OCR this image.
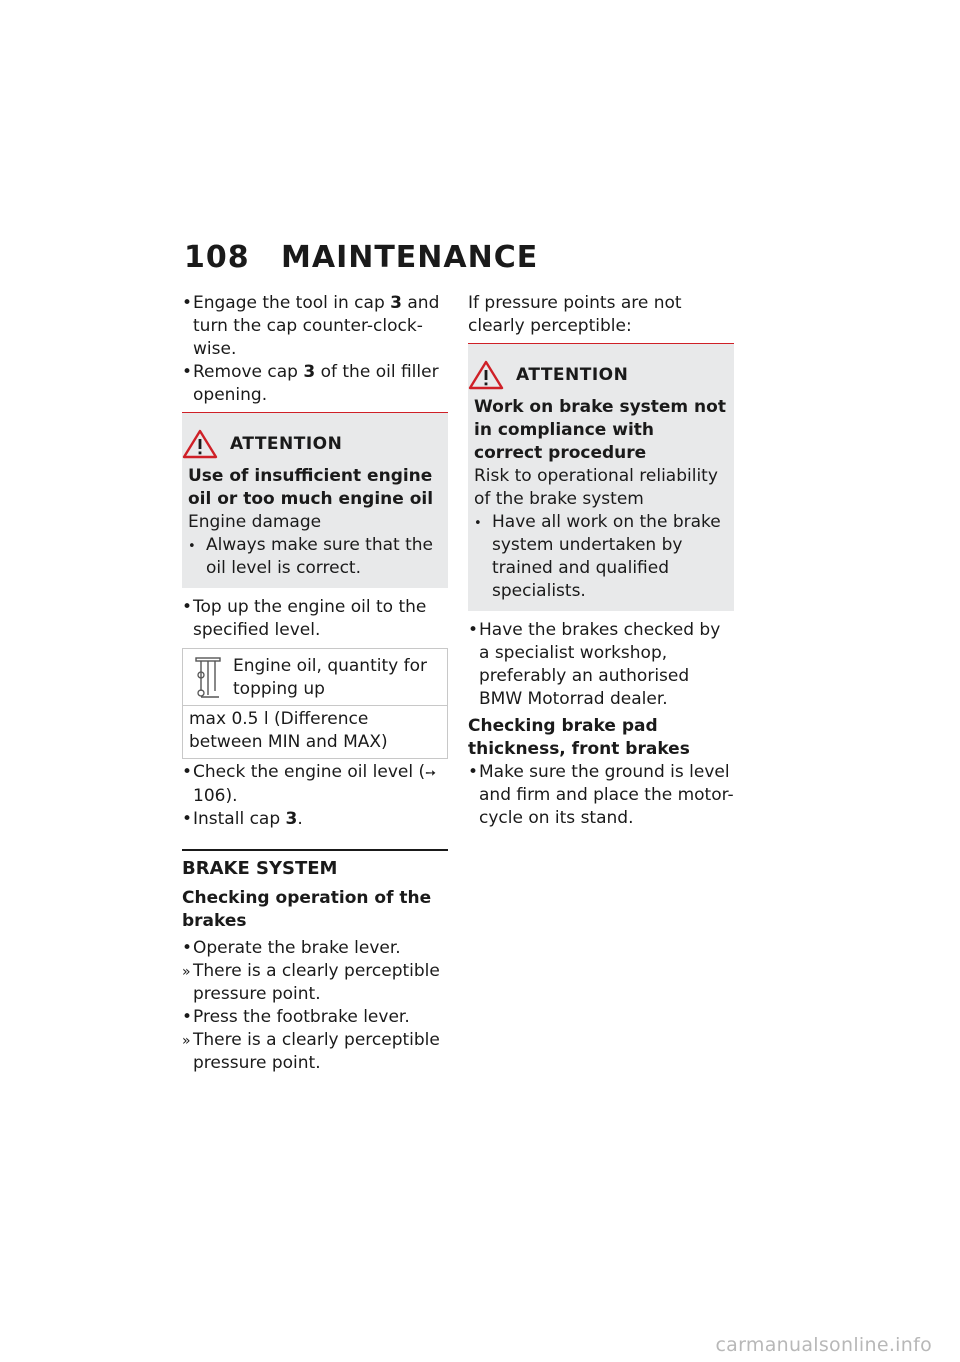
108 MAINTENANCE

•
Engage the tool in cap 3 and turn the cap counter-clock-wise.

•
Remove cap 3 of the oil filler opening.

ATTENTION
Use of insufficient engine oil or too much engine oil
Engine damage

•
Always make sure that the oil level is correct.

•
Top up the engine oil to the specified level.

Engine oil, quantity for topping up
max 0.5 l (Difference between MIN and MAX)

•
Check the engine oil level (➙ 106).

•
Install cap 3.

BRAKE SYSTEM
Checking operation of the brakes

•
Operate the brake lever.

»
There is a clearly perceptible pressure point.

•
Press the footbrake lever.

»
There is a clearly perceptible pressure point.

If pressure points are not clearly perceptible:
ATTENTION
Work on brake system not in compliance with correct procedure
Risk to operational reliability of the brake system

•
Have all work on the brake system undertaken by trained and qualified specialists.

•
Have the brakes checked by a specialist workshop, preferably an authorised BMW Motorrad dealer.

Checking brake pad thickness, front brakes

•
Make sure the ground is level and firm and place the motor-cycle on its stand.

carmanualsonline.info
